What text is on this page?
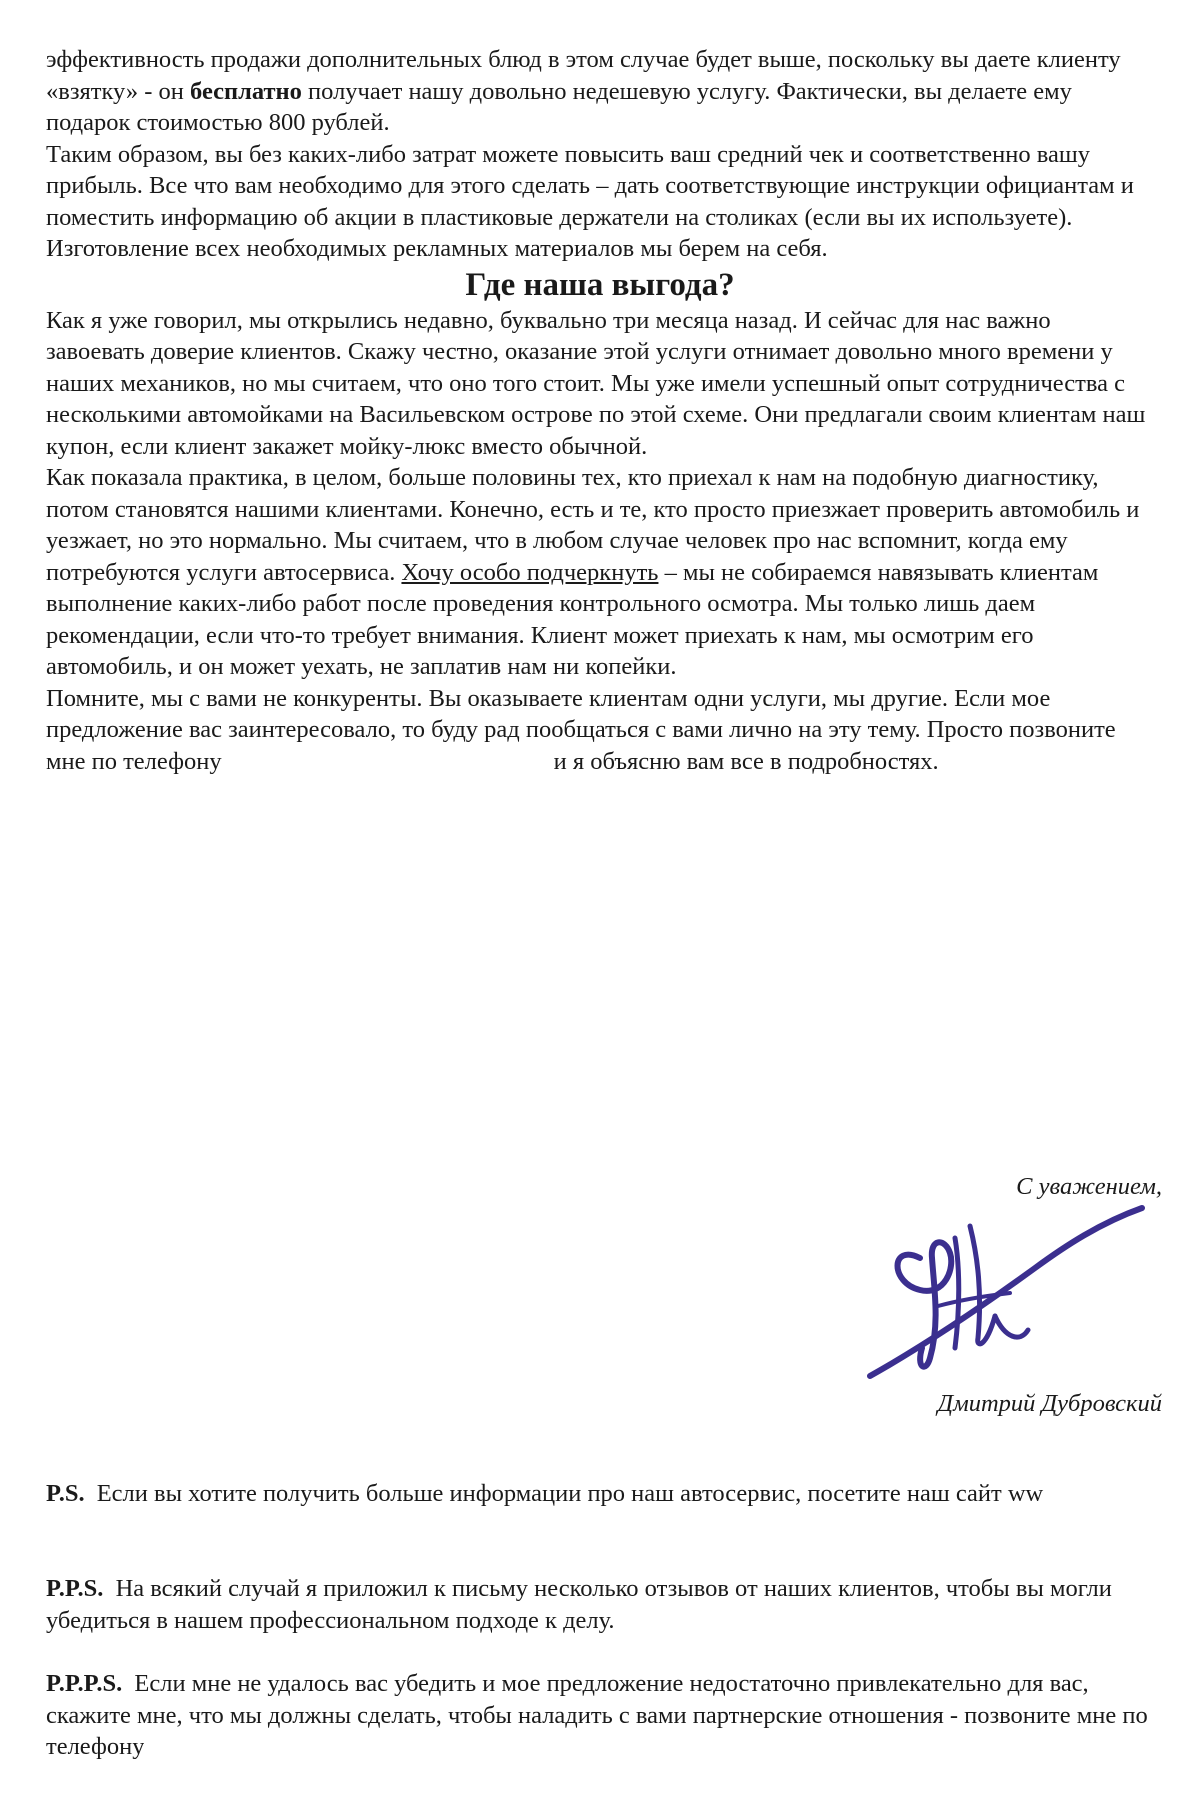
эффективность продажи дополнительных блюд в этом случае будет выше, поскольку вы даете клиенту «взятку» - он бесплатно получает нашу довольно недешевую услугу. Фактически, вы делаете ему подарок стоимостью 800 рублей.

Таким образом, вы без каких-либо затрат можете повысить ваш средний чек и соответственно вашу прибыль. Все что вам необходимо для этого сделать – дать соответствующие инструкции официантам и поместить информацию об акции в пластиковые держатели на столиках (если вы их используете). Изготовление всех необходимых рекламных материалов мы берем на себя.

Где наша выгода?

Как я уже говорил, мы открылись недавно, буквально три месяца назад. И сейчас для нас важно завоевать доверие клиентов. Скажу честно, оказание этой услуги отнимает довольно много времени у наших механиков, но мы считаем, что оно того стоит. Мы уже имели успешный опыт сотрудничества с несколькими автомойками на Васильевском острове по этой схеме. Они предлагали своим клиентам наш купон, если клиент закажет мойку-люкс вместо обычной.

Как показала практика, в целом, больше половины тех, кто приехал к нам на подобную диагностику, потом становятся нашими клиентами. Конечно, есть и те, кто просто приезжает проверить автомобиль и уезжает, но это нормально. Мы считаем, что в любом случае человек про нас вспомнит, когда ему потребуются услуги автосервиса. Хочу особо подчеркнуть – мы не собираемся навязывать клиентам выполнение каких-либо работ после проведения контрольного осмотра. Мы только лишь даем рекомендации, если что-то требует внимания. Клиент может приехать к нам, мы осмотрим его автомобиль, и он может уехать, не заплатив нам ни копейки.

Помните, мы с вами не конкуренты. Вы оказываете клиентам одни услуги, мы другие. Если мое предложение вас заинтересовало, то буду рад пообщаться с вами лично на эту тему. Просто позвоните мне по телефону	и я объясню вам все в подробностях.

С уважением,
Дмитрий Дубровский

P.S. Если вы хотите получить больше информации про наш автосервис, посетите наш сайт ww

P.P.S. На всякий случай я приложил к письму несколько отзывов от наших клиентов, чтобы вы могли убедиться в нашем профессиональном подходе к делу.

P.P.P.S. Если мне не удалось вас убедить и мое предложение недостаточно привлекательно для вас, скажите мне, что мы должны сделать, чтобы наладить с вами партнерские отношения - позвоните мне по телефону
